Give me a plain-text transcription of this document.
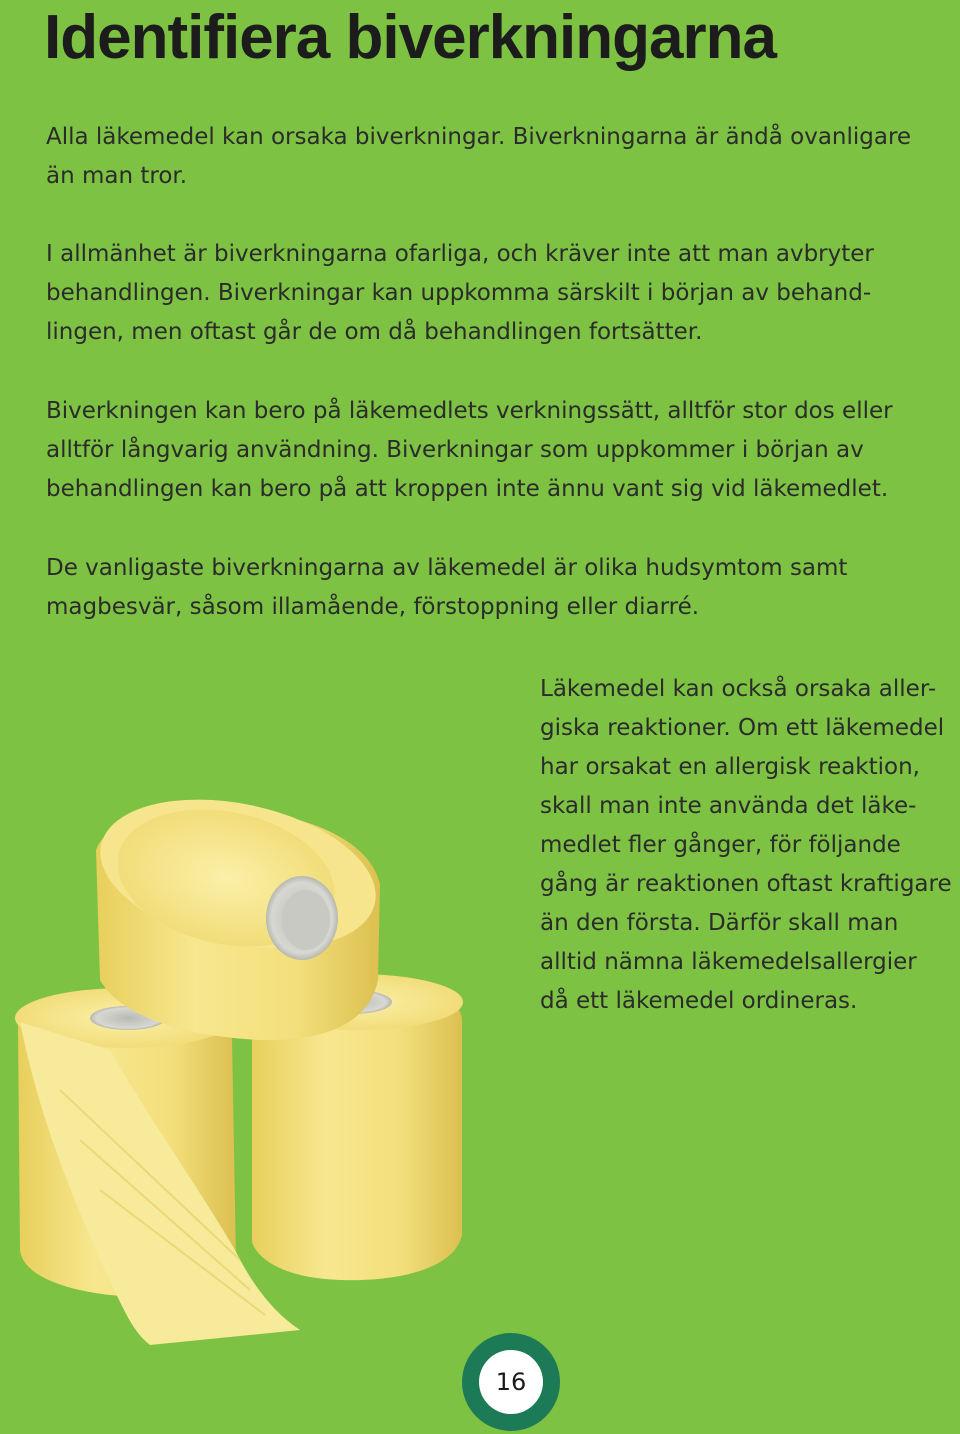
Identifiera biverkningarna

Alla läkemedel kan orsaka biverkningar. Biverkningarna är ändå ovanligare
än man tror.

I allmänhet är biverkningarna ofarliga, och kräver inte att man avbryter
behandlingen. Biverkningar kan uppkomma särskilt i början av behand-
lingen, men oftast går de om då behandlingen fortsätter.

Biverkningen kan bero på läkemedlets verkningssätt, alltför stor dos eller
alltför långvarig användning. Biverkningar som uppkommer i början av
behandlingen kan bero på att kroppen inte ännu vant sig vid läkemedlet.

De vanligaste biverkningarna av läkemedel är olika hudsymtom samt
magbesvär, såsom illamående, förstoppning eller diarré.

Läkemedel kan också orsaka aller-
giska reaktioner. Om ett läkemedel
har orsakat en allergisk reaktion,
skall man inte använda det läke-
medlet fler gånger, för följande
gång är reaktionen oftast kraftigare
än den första. Därför skall man
alltid nämna läkemedelsallergier
då ett läkemedel ordineras.

16
